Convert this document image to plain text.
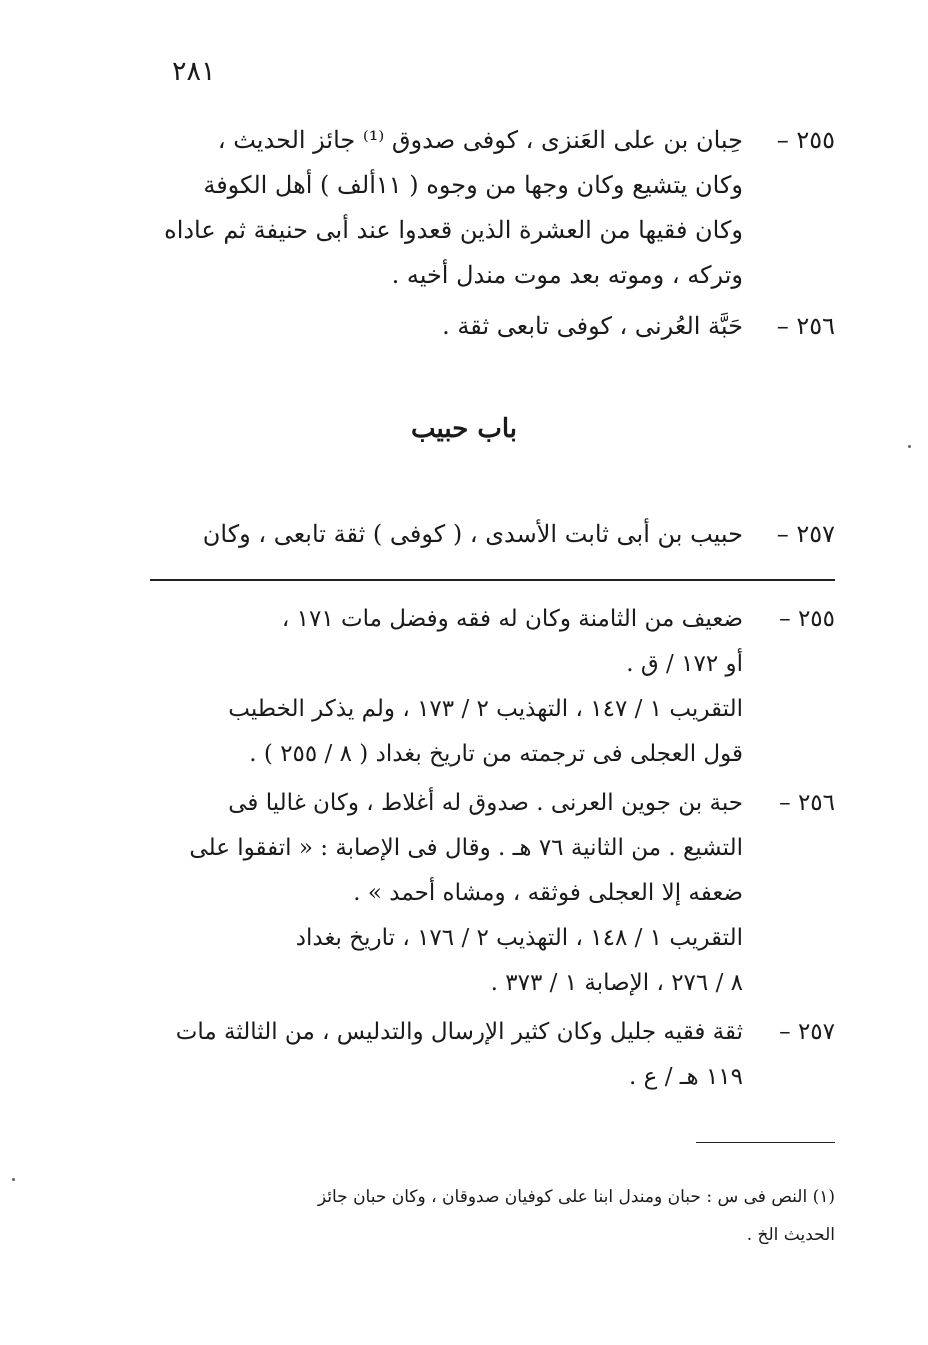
٢٨١
٢٥٥ –

حِبان بن على العَنزى ، كوفى صدوق ⁽¹⁾ جائز الحديث ،

وكان يتشيع وكان وجها من وجوه ( ١١ألف ) أهل الكوفة

وكان فقيها من العشرة الذين قعدوا عند أبى حنيفة ثم عاداه

وتركه ، وموته بعد موت مندل أخيه .

٢٥٦ –

حَبَّة العُرنى ، كوفى تابعى ثقة .

باب حبيب
٢٥٧ –

حبيب بن أبى ثابت الأسدى ، ( كوفى ) ثقة تابعى ، وكان

٢٥٥ –

ضعيف من الثامنة وكان له فقه وفضل مات ١٧١ ،

أو ١٧٢ / ق .

التقريب ١ / ١٤٧ ، التهذيب ٢ / ١٧٣ ، ولم يذكر الخطيب

قول العجلى فى ترجمته من تاريخ بغداد ( ٨ / ٢٥٥ ) .

٢٥٦ –

حبة بن جوين العرنى . صدوق له أغلاط ، وكان غاليا فى

التشيع . من الثانية ٧٦ هـ . وقال فى الإصابة : « اتفقوا على

ضعفه إلا العجلى فوثقه ، ومشاه أحمد » .

التقريب ١ / ١٤٨ ، التهذيب ٢ / ١٧٦ ، تاريخ بغداد

٨ / ٢٧٦ ، الإصابة ١ / ٣٧٣ .

٢٥٧ –

ثقة فقيه جليل وكان كثير الإرسال والتدليس ، من الثالثة مات

١١٩ هـ / ع .

(١) النص فى س : حبان ومندل ابنا على كوفيان صدوقان ، وكان حبان جائز

الحديث الخ .
